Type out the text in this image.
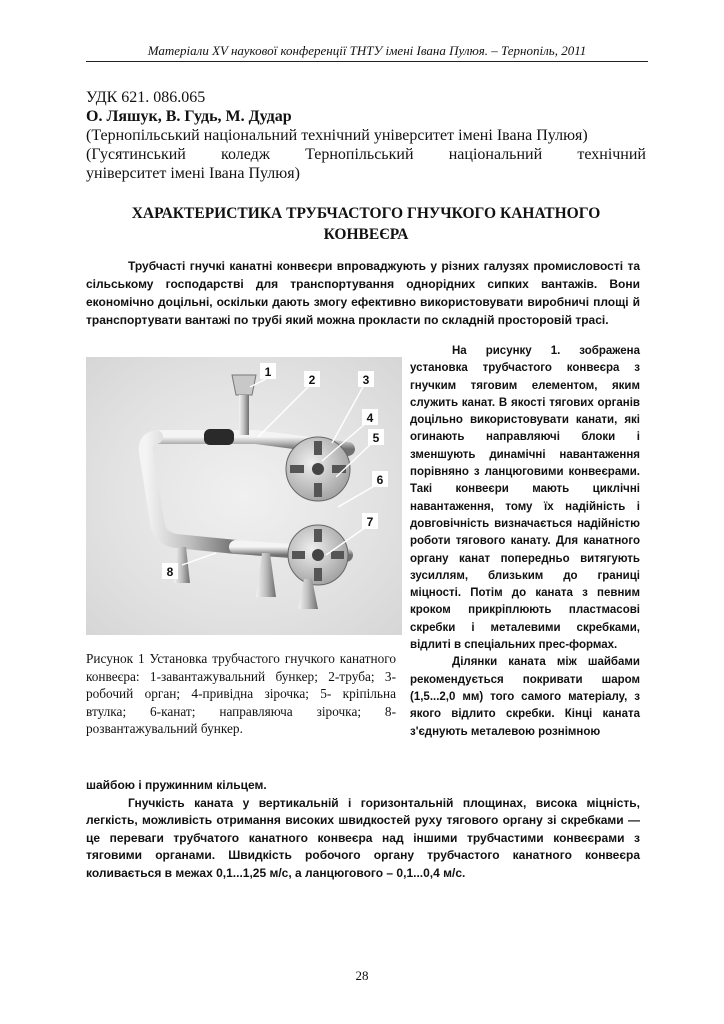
Матеріали XV наукової конференції ТНТУ імені Івана Пулюя. – Тернопіль, 2011
УДК 621. 086.065
О. Ляшук, В. Гудь, М. Дудар
(Тернопільський національний технічний університет імені Івана Пулюя)
(Гусятинський коледж Тернопільський національний технічний
університет імені Івана Пулюя)
ХАРАКТЕРИСТИКА ТРУБЧАСТОГО ГНУЧКОГО КАНАТНОГО
КОНВЕЄРА

Трубчасті гнучкі канатні конвеєри впроваджують у різних галузях промисловості та сільському господарстві для транспортування однорідних сипких вантажів. Вони економічно доцільні, оскільки дають змогу ефективно використовувати виробничі площі й транспортувати вантажі по трубі який можна прокласти по складній просторовій трасі.

1
2	3
4
5
6
7
8

На рисунку 1. зображена установка трубчастого конвеєра з гнучким тяговим елементом, яким служить канат. В якості тягових органів доцільно використовувати канати, які огинають направляючі блоки і зменшують динамічні навантаження порівняно з ланцюговими конвеєрами. Такі конвеєри мають циклічні навантаження, тому їх надійність і довговічність визначається надійністю роботи тягового канату. Для канатного органу канат попередньо витягують зусиллям, близьким до границі міцності. Потім до каната з певним кроком прикріплюють пластмасові скребки і металевими скребками, відлиті в спеціальних прес-формах.

Ділянки каната між шайбами рекомендується покривати шаром (1,5...2,0 мм) того самого матеріалу, з якого відлито скребки. Кінці каната з'єднують металевою рознімною

Рисунок 1 Установка трубчастого гнучкого канатного конвеєра: 1-завантажувальний бункер; 2-труба; 3- робочий орган; 4-привідна зірочка; 5- кріпільна втулка; 6-канат; направляюча зірочка; 8- розвантажувальний бункер.

шайбою і пружинним кільцем.

Гнучкість каната у вертикальній і горизонтальній площинах, висока міцність, легкість, можливість отримання високих швидкостей руху тягового органу зі скребками — це переваги трубчатого канатного конвеєра над іншими трубчастими конвеєрами з тяговими органами. Швидкість робочого органу трубчастого канатного конвеєра коливається в межах 0,1...1,25 м/с, а ланцюгового – 0,1...0,4 м/с.

28
